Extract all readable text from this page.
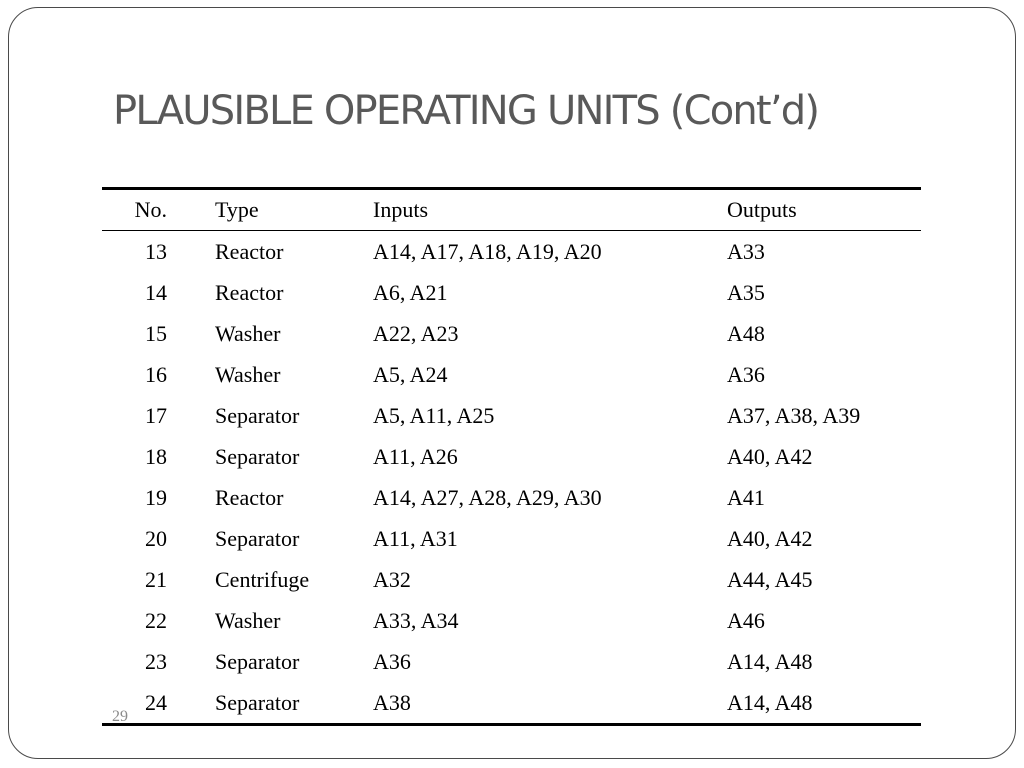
PLAUSIBLE OPERATING UNITS (Cont’d)
No.	Type	Inputs	Outputs
13	Reactor	A14, A17, A18, A19, A20	A33
14	Reactor	A6, A21	A35
15	Washer	A22, A23	A48
16	Washer	A5, A24	A36
17	Separator	A5, A11, A25	A37, A38, A39
18	Separator	A11, A26	A40, A42
19	Reactor	A14, A27, A28, A29, A30	A41
20	Separator	A11, A31	A40, A42
21	Centrifuge	A32	A44, A45
22	Washer	A33, A34	A46
23	Separator	A36	A14, A48
24	Separator	A38	A14, A48
29
